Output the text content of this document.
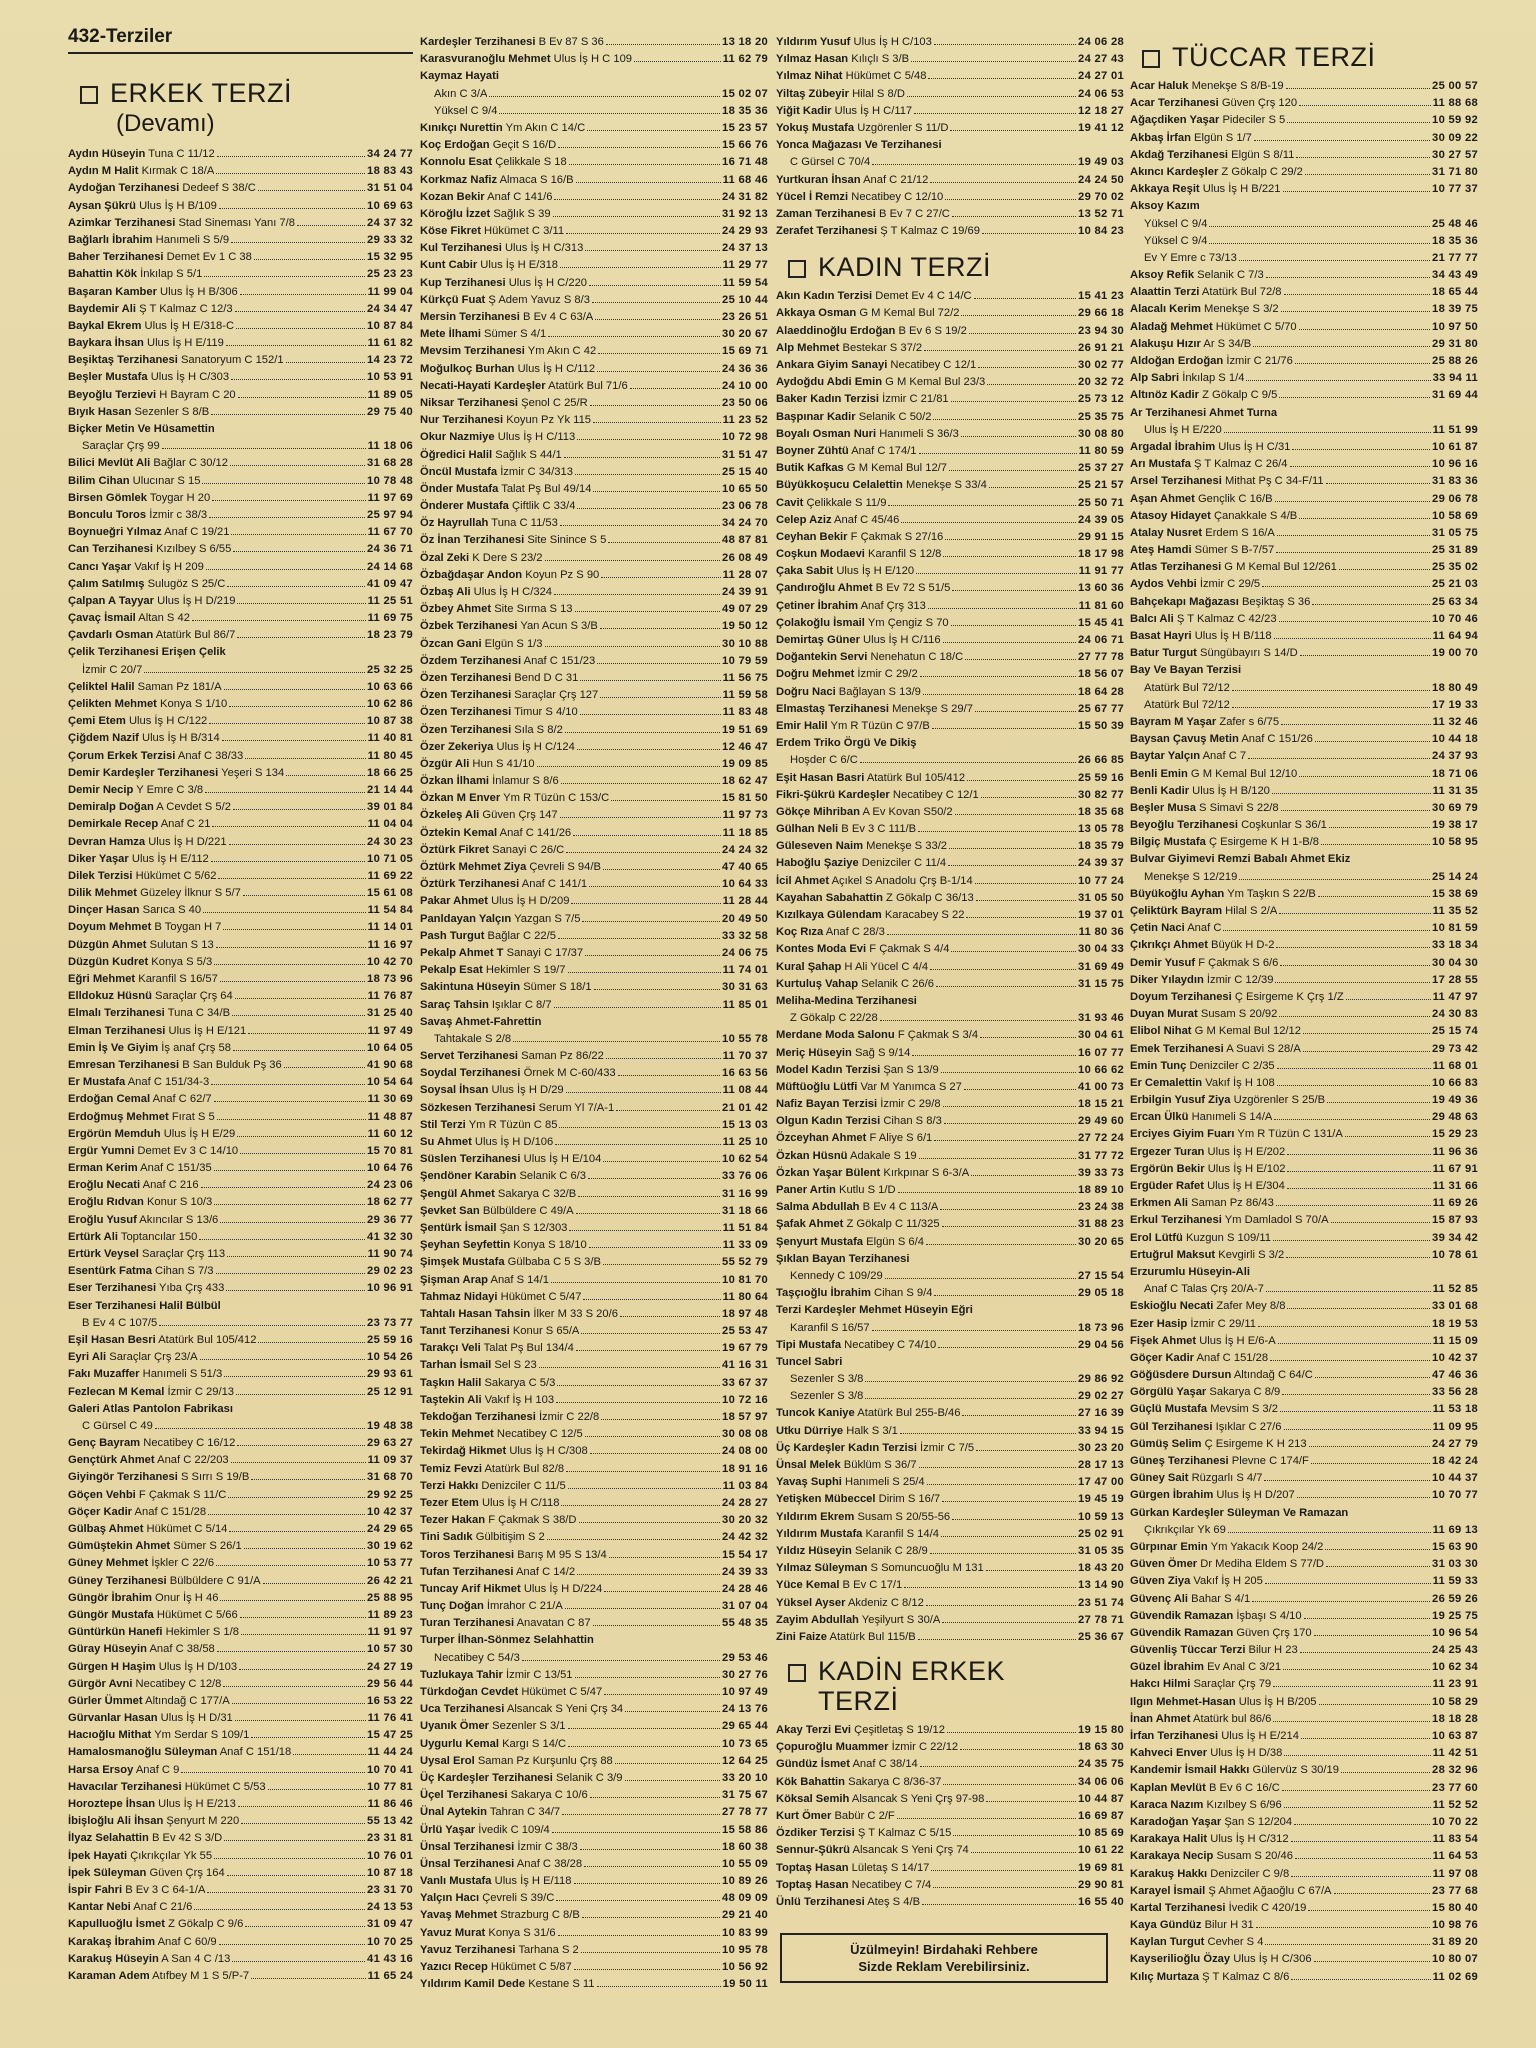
432-Terziler
ERKEK TERZİ
(Devamı)
Aydın Hüseyin Tuna C 11/12	34 24 77
Aydın M Halit Kırmak C 18/A	18 83 43
Aydoğan Terzihanesi Dedeef S 38/C	31 51 04
Aysan Şükrü Ulus İş H B/109	10 69 63
Azimkar Terzihanesi Stad Sineması Yanı 7/8	24 37 32
Bağlarlı İbrahim Hanımeli S 5/9	29 33 32
Baher Terzihanesi Demet Ev 1 C 38	15 32 95
Bahattin Kök İnkılap S 5/1	25 23 23
Başaran Kamber Ulus İş H B/306	11 99 04
Baydemir Ali Ş T Kalmaz C 12/3	24 34 47
Baykal Ekrem Ulus İş H E/318-C	10 87 84
Baykara İhsan Ulus İş H E/119	11 61 82
Beşiktaş Terzihanesi Sanatoryum C 152/1	14 23 72
Beşler Mustafa Ulus İş H C/303	10 53 91
Beyoğlu Terzievi H Bayram C 20	11 89 05
Bıyık Hasan Sezenler S 8/B	29 75 40
Biçker Metin Ve Hüsamettin
Saraçlar Çrş 99	11 18 06
Bilici Mevlüt Ali Bağlar C 30/12	31 68 28
Bilim Cihan Ulucınar S 15	10 78 48
Birsen Gömlek Toygar H 20	11 97 69
Bonculu Toros İzmir c 38/3	25 97 94
Boynueğri Yılmaz Anaf C 19/21	11 67 70
Can Terzihanesi Kızılbey S 6/55	24 36 71
Cancı Yaşar Vakıf İş H 209	24 14 68
Çalım Satılmış Sulugöz S 25/C	41 09 47
Çalpan A Tayyar Ulus İş H D/219	11 25 51
Çavaç İsmail Altan S 42	11 69 75
Çavdarlı Osman Atatürk Bul 86/7	18 23 79
Çelik Terzihanesi Erişen Çelik
İzmir C 20/7	25 32 25
Çeliktel Halil Saman Pz 181/A	10 63 66
Çelikten Mehmet Konya S 1/10	10 62 86
Çemi Etem Ulus İş H C/122	10 87 38
Çiğdem Nazif Ulus İş H B/314	11 40 81
Çorum Erkek Terzisi Anaf C 38/33	11 80 45
Demir Kardeşler Terzihanesi Yeşeri S 134	18 66 25
Demir Necip Y Emre C 3/8	21 14 44
Demiralp Doğan A Cevdet S 5/2	39 01 84
Demirkale Recep Anaf C 21	11 04 04
Devran Hamza Ulus İş H D/221	24 30 23
Diker Yaşar Ulus İş H E/112	10 71 05
Dilek Terzisi Hükümet C 5/62	11 69 22
Dilik Mehmet Güzeley İlknur S 5/7	15 61 08
Dinçer Hasan Sarıca S 40	11 54 84
Doyum Mehmet B Toygan H 7	11 14 01
Düzgün Ahmet Sulutan S 13	11 16 97
Düzgün Kudret Konya S 5/3	10 42 70
Eğri Mehmet Karanfil S 16/57	18 73 96
Elldokuz Hüsnü Saraçlar Çrş 64	11 76 87
Elmalı Terzihanesi Tuna C 34/B	31 25 40
Elman Terzihanesi Ulus İş H E/121	11 97 49
Emin İş Ve Giyim İş anaf Çrş 58	10 64 05
Emresan Terzihanesi B San Bulduk Pş 36	41 90 68
Er Mustafa Anaf C 151/34-3	10 54 64
Erdoğan Cemal Anaf C 62/7	11 30 69
Erdoğmuş Mehmet Fırat S 5	11 48 87
Ergörün Memduh Ulus İş H E/29	11 60 12
Ergür Yumni Demet Ev 3 C 14/10	15 70 81
Erman Kerim Anaf C 151/35	10 64 76
Eroğlu Necati Anaf C 216	24 23 06
Eroğlu Rıdvan Konur S 10/3	18 62 77
Eroğlu Yusuf Akıncılar S 13/6	29 36 77
Ertürk Ali Toptancılar 150	41 32 30
Ertürk Veysel Saraçlar Çrş 113	11 90 74
Esentürk Fatma Cihan S 7/3	29 02 23
Eser Terzihanesi Yıba Çrş 433	10 96 91
Eser Terzihanesi Halil Bülbül
B Ev 4 C 107/5	23 73 77
Eşil Hasan Besri Atatürk Bul 105/412	25 59 16
Eyri Ali Saraçlar Çrş 23/A	10 54 26
Fakı Muzaffer Hanımeli S 51/3	29 93 61
Fezlecan M Kemal İzmir C 29/13	25 12 91
Galeri Atlas Pantolon Fabrikası
C Gürsel C 49	19 48 38
Genç Bayram Necatibey C 16/12	29 63 27
Gençtürk Ahmet Anaf C 22/203	11 09 37
Giyingör Terzihanesi S Sırrı S 19/B	31 68 70
Göçen Vehbi F Çakmak S 11/C	29 92 25
Göçer Kadir Anaf C 151/28	10 42 37
Gülbaş Ahmet Hükümet C 5/14	24 29 65
Gümüştekin Ahmet Sümer S 26/1	30 19 62
Güney Mehmet İşkler C 22/6	10 53 77
Güney Terzihanesi Bülbüldere C 91/A	26 42 21
Güngör İbrahim Onur İş H 46	25 88 95
Güngör Mustafa Hükümet C 5/66	11 89 23
Güntürkün Hanefi Hekimler S 1/8	11 91 97
Güray Hüseyin Anaf C 38/58	10 57 30
Gürgen H Haşim Ulus İş H D/103	24 27 19
Gürgör Avni Necatibey C 12/8	29 56 44
Gürler Ümmet Altındağ C 177/A	16 53 22
Gürvanlar Hasan Ulus İş H D/31	11 76 41
Hacıoğlu Mithat Ym Serdar S 109/1	15 47 25
Hamalosmanoğlu Süleyman Anaf C 151/18	11 44 24
Harsa Ersoy Anaf C 9	10 70 41
Havacılar Terzihanesi Hükümet C 5/53	10 77 81
Horoztepe İhsan Ulus İş H E/213	11 86 46
İbişloğlu Ali İhsan Şenyurt M 220	55 13 42
İlyaz Selahattin B Ev 42 S 3/D	23 31 81
İpek Hayati Çıkrıkçılar Yk 55	10 76 01
İpek Süleyman Güven Çrş 164	10 87 18
İspir Fahri B Ev 3 C 64-1/A	23 31 70
Kantar Nebi Anaf C 21/6	24 13 53
Kapulluoğlu İsmet Z Gökalp C 9/6	31 09 47
Karakaş İbrahim Anaf C 60/9	10 70 25
Karakuş Hüseyin A San 4 C /13	41 43 16
Karaman Adem Atıfbey M 1 S 5/P-7	11 65 24
Kardeşler Terzihanesi B Ev 87 S 36	13 18 20
Karasvuranoğlu Mehmet Ulus İş H C 109	11 62 79
Kaymaz Hayati
Akın C 3/A	15 02 07
Yüksel C 9/4	18 35 36
Kınıkçı Nurettin Ym Akın C 14/C	15 23 57
Koç Erdoğan Geçit S 16/D	15 66 76
Konnolu Esat Çelikkale S 18	16 71 48
Korkmaz Nafiz Almaca S 16/B	11 68 46
Kozan Bekir Anaf C 141/6	24 31 82
Köroğlu İzzet Sağlık S 39	31 92 13
Köse Fikret Hükümet C 3/11	24 29 93
Kul Terzihanesi Ulus İş H C/313	24 37 13
Kunt Cabir Ulus İş H E/318	11 29 77
Kup Terzihanesi Ulus İş H C/220	11 59 54
Kürkçü Fuat Ş Adem Yavuz S 8/3	25 10 44
Mersin Terzihanesi B Ev 4 C 63/A	23 26 51
Mete İlhami Sümer S 4/1	30 20 67
Mevsim Terzihanesi Ym Akın C 42	15 69 71
Moğulkoç Burhan Ulus İş H C/112	24 36 36
Necati-Hayati Kardeşler Atatürk Bul 71/6	24 10 00
Niksar Terzihanesi Şenol C 25/R	23 50 06
Nur Terzihanesi Koyun Pz Yk 115	11 23 52
Okur Nazmiye Ulus İş H C/113	10 72 98
Öğredici Halil Sağlık S 44/1	31 51 47
Öncül Mustafa İzmir C 34/313	25 15 40
Önder Mustafa Talat Pş Bul 49/14	10 65 50
Önderer Mustafa Çiftlik C 33/4	23 06 78
Öz Hayrullah Tuna C 11/53	34 24 70
Öz İnan Terzihanesi Site Sinince S 5	48 87 81
Özal Zeki K Dere S 23/2	26 08 49
Özbağdaşar Andon Koyun Pz S 90	11 28 07
Özbaş Ali Ulus İş H C/324	24 39 91
Özbey Ahmet Site Sırma S 13	49 07 29
Özbek Terzihanesi Yan Acun S 3/B	19 50 12
Özcan Gani Elgün S 1/3	30 10 88
Özdem Terzihanesi Anaf C 151/23	10 79 59
Özen Terzihanesi Bend D C 31	11 56 75
Özen Terzihanesi Saraçlar Çrş 127	11 59 58
Özen Terzihanesi Timur S 4/10	11 83 48
Özen Terzihanesi Sıla S 8/2	19 51 69
Özer Zekeriya Ulus İş H C/124	12 46 47
Özgür Ali Hun S 41/10	19 09 85
Özkan İlhami İnlamur S 8/6	18 62 47
Özkan M Enver Ym R Tüzün C 153/C	15 81 50
Özkeleş Ali Güven Çrş 147	11 97 73
Öztekin Kemal Anaf C 141/26	11 18 85
Öztürk Fikret Sanayi C 26/C	24 24 32
Öztürk Mehmet Ziya Çevreli S 94/B	47 40 65
Öztürk Terzihanesi Anaf C 141/1	10 64 33
Pakar Ahmet Ulus İş H D/209	11 28 44
Panldayan Yalçın Yazgan S 7/5	20 49 50
Pash Turgut Bağlar C 22/5	33 32 58
Pekalp Ahmet T Sanayi C 17/37	24 06 75
Pekalp Esat Hekimler S 19/7	11 74 01
Sakintuna Hüseyin Sümer S 18/1	30 31 63
Saraç Tahsin Işıklar C 8/7	11 85 01
Savaş Ahmet-Fahrettin
Tahtakale S 2/8	10 55 78
Servet Terzihanesi Saman Pz 86/22	11 70 37
Soydal Terzihanesi Örnek M C-60/433	16 63 56
Soysal İhsan Ulus İş H D/29	11 08 44
Sözkesen Terzihanesi Serum Yl 7/A-1	21 01 42
Stil Terzi Ym R Tüzün C 85	15 13 03
Su Ahmet Ulus İş H D/106	11 25 10
Süslen Terzihanesi Ulus İş H E/104	10 62 54
Şendöner Karabin Selanik C 6/3	33 76 06
Şengül Ahmet Sakarya C 32/B	31 16 99
Şevket San Bülbüldere C 49/A	31 18 66
Şentürk İsmail Şan S 12/303	11 51 84
Şeyhan Seyfettin Konya S 18/10	11 33 09
Şimşek Mustafa Gülbaba C 5 S 3/B	55 52 79
Şişman Arap Anaf S 14/1	10 81 70
Tahmaz Nidayi Hükümet C 5/47	11 80 64
Tahtalı Hasan Tahsin İlker M 33 S 20/6	18 97 48
Tanıt Terzihanesi Konur S 65/A	25 53 47
Tarakçı Veli Talat Pş Bul 134/4	19 67 79
Tarhan İsmail Sel S 23	41 16 31
Taşkın Halil Sakarya C 5/3	33 67 37
Taştekin Ali Vakıf İş H 103	10 72 16
Tekdoğan Terzihanesi İzmir C 22/8	18 57 97
Tekin Mehmet Necatibey C 12/5	30 08 08
Tekirdağ Hikmet Ulus İş H C/308	24 08 00
Temiz Fevzi Atatürk Bul 82/8	18 91 16
Terzi Hakkı Denizciler C 11/5	11 03 84
Tezer Etem Ulus İş H C/118	24 28 27
Tezer Hakan F Çakmak S 38/D	30 20 32
Tini Sadık Gülbitişim S 2	24 42 32
Toros Terzihanesi Barış M 95 S 13/4	15 54 17
Tufan Terzihanesi Anaf C 14/2	24 39 33
Tuncay Arif Hikmet Ulus İş H D/224	24 28 46
Tunç Doğan İmrahor C 21/A	31 07 04
Turan Terzihanesi Anavatan C 87	55 48 35
Turper İlhan-Sönmez Selahhattin
Necatibey C 54/3	29 53 46
Tuzlukaya Tahir İzmir C 13/51	30 27 76
Türkdoğan Cevdet Hükümet C 5/47	10 97 49
Uca Terzihanesi Alsancak S Yeni Çrş 34	24 13 76
Uyanık Ömer Sezenler S 3/1	29 65 44
Uygurlu Kemal Kargı S 14/C	10 73 65
Uysal Erol Saman Pz Kurşunlu Çrş 88	12 64 25
Üç Kardeşler Terzihanesi Selanik C 3/9	33 20 10
Üçel Terzihanesi Sakarya C 10/6	31 75 67
Ünal Aytekin Tahran C 34/7	27 78 77
Ürlü Yaşar İvedik C 109/4	15 58 86
Ünsal Terzihanesi İzmir C 38/3	18 60 38
Ünsal Terzihanesi Anaf C 38/28	10 55 09
Vanlı Mustafa Ulus İş H E/118	10 89 26
Yalçın Hacı Çevreli S 39/C	48 09 09
Yavaş Mehmet Strazburg C 8/B	29 21 40
Yavuz Murat Konya S 31/6	10 83 99
Yavuz Terzihanesi Tarhana S 2	10 95 78
Yazıcı Recep Hükümet C 5/87	10 56 92
Yıldırım Kamil Dede Kestane S 11	19 50 11
Yıldırım Yusuf Ulus İş H C/103	24 06 28
Yılmaz Hasan Kılıçlı S 3/B	24 27 43
Yılmaz Nihat Hükümet C 5/48	24 27 01
Yiltaş Zübeyir Hilal S 8/D	24 06 53
Yiğit Kadir Ulus İş H C/117	12 18 27
Yokuş Mustafa Uzgörenler S 11/D	19 41 12
Yonca Mağazası Ve Terzihanesi
C Gürsel C 70/4	19 49 03
Yurtkuran İhsan Anaf C 21/12	24 24 50
Yücel İ Remzi Necatibey C 12/10	29 70 02
Zaman Terzihanesi B Ev 7 C 27/C	13 52 71
Zerafet Terzihanesi Ş T Kalmaz C 19/69	10 84 23
KADIN TERZİ
Akın Kadın Terzisi Demet Ev 4 C 14/C	15 41 23
Akkaya Osman G M Kemal Bul 72/2	29 66 18
Alaeddinoğlu Erdoğan B Ev 6 S 19/2	23 94 30
Alp Mehmet Bestekar S 37/2	26 91 21
Ankara Giyim Sanayi Necatibey C 12/1	30 02 77
Aydoğdu Abdi Emin G M Kemal Bul 23/3	20 32 72
Baker Kadın Terzisi İzmir C 21/81	25 73 12
Başpınar Kadir Selanik C 50/2	25 35 75
Boyalı Osman Nuri Hanımeli S 36/3	30 08 80
Boyner Zühtü Anaf C 174/1	11 80 59
Butik Kafkas G M Kemal Bul 12/7	25 37 27
Büyükkoşucu Celalettin Menekşe S 33/4	25 21 57
Cavit Çelikkale S 11/9	25 50 71
Celep Aziz Anaf C 45/46	24 39 05
Ceyhan Bekir F Çakmak S 27/16	29 91 15
Coşkun Modaevi Karanfil S 12/8	18 17 98
Çaka Sabit Ulus İş H E/120	11 91 77
Çandıroğlu Ahmet B Ev 72 S 51/5	13 60 36
Çetiner İbrahim Anaf Çrş 313	11 81 60
Çolakoğlu İsmail Ym Çengiz S 70	15 45 41
Demirtaş Güner Ulus İş H C/116	24 06 71
Doğantekin Servi Nenehatun C 18/C	27 77 78
Doğru Mehmet İzmir C 29/2	18 56 07
Doğru Naci Bağlayan S 13/9	18 64 28
Elmastaş Terzihanesi Menekşe S 29/7	25 67 77
Emir Halil Ym R Tüzün C 97/B	15 50 39
Erdem Triko Örgü Ve Dikiş
Hoşder C 6/C	26 66 85
Eşit Hasan Basri Atatürk Bul 105/412	25 59 16
Fikri-Şükrü Kardeşler Necatibey C 12/1	30 82 77
Gökçe Mihriban A Ev Kovan S50/2	18 35 68
Gülhan Neli B Ev 3 C 111/B	13 05 78
Güleseven Naim Menekşe S 33/2	18 35 79
Haboğlu Şaziye Denizciler C 11/4	24 39 37
İcil Ahmet Açıkel S Anadolu Çrş B-1/14	10 77 24
Kayahan Sabahattin Z Gökalp C 36/13	31 05 50
Kızılkaya Gülendam Karacabey S 22	19 37 01
Koç Rıza Anaf C 28/3	11 80 36
Kontes Moda Evi F Çakmak S 4/4	30 04 33
Kural Şahap H Ali Yücel C 4/4	31 69 49
Kurtuluş Vahap Selanik C 26/6	31 15 75
Meliha-Medina Terzihanesi
Z Gökalp C 22/28	31 93 46
Merdane Moda Salonu F Çakmak S 3/4	30 04 61
Meriç Hüseyin Sağ S 9/14	16 07 77
Model Kadın Terzisi Şan S 13/9	10 66 62
Müftüoğlu Lütfi Var M Yanımca S 27	41 00 73
Nafiz Bayan Terzisi İzmir C 29/8	18 15 21
Olgun Kadın Terzisi Cihan S 8/3	29 49 60
Özceyhan Ahmet F Aliye S 6/1	27 72 24
Özkan Hüsnü Adakale S 19	31 77 72
Özkan Yaşar Bülent Kırkpınar S 6-3/A	39 33 73
Paner Artin Kutlu S 1/D	18 89 10
Salma Abdullah B Ev 4 C 113/A	23 24 38
Şafak Ahmet Z Gökalp C 11/325	31 88 23
Şenyurt Mustafa Elgün S 6/4	30 20 65
Şıklan Bayan Terzihanesi
Kennedy C 109/29	27 15 54
Taşçıoğlu İbrahim Cihan S 9/4	29 05 18
Terzi Kardeşler Mehmet Hüseyin Eğri
Karanfil S 16/57	18 73 96
Tipi Mustafa Necatibey C 74/10	29 04 56
Tuncel Sabri
Sezenler S 3/8	29 86 92
Sezenler S 3/8	29 02 27
Tuncok Kaniye Atatürk Bul 255-B/46	27 16 39
Utku Dürriye Halk S 3/1	33 94 15
Üç Kardeşler Kadın Terzisi İzmir C 7/5	30 23 20
Ünsal Melek Büklüm S 36/7	28 17 13
Yavaş Suphi Hanımeli S 25/4	17 47 00
Yetişken Mübeccel Dirim S 16/7	19 45 19
Yıldırım Ekrem Susam S 20/55-56	10 59 13
Yıldırım Mustafa Karanfil S 14/4	25 02 91
Yıldız Hüseyin Selanik C 28/9	31 05 35
Yılmaz Süleyman S Somuncuoğlu M 131	18 43 20
Yüce Kemal B Ev C 17/1	13 14 90
Yüksel Ayser Akdeniz C 8/12	23 51 74
Zayim Abdullah Yeşilyurt S 30/A	27 78 71
Zini Faize Atatürk Bul 115/B	25 36 67
KADİN ERKEK
TERZİ
Akay Terzi Evi Çeşitletaş S 19/12	19 15 80
Çopuroğlu Muammer İzmir C 22/12	18 63 30
Gündüz İsmet Anaf C 38/14	24 35 75
Kök Bahattin Sakarya C 8/36-37	34 06 06
Köksal Semih Alsancak S Yeni Çrş 97-98	10 44 87
Kurt Ömer Babür C 2/F	16 69 87
Özdiker Terzisi Ş T Kalmaz C 5/15	10 85 69
Sennur-Şükrü Alsancak S Yeni Çrş 74	10 61 22
Toptaş Hasan Lületaş S 14/17	19 69 81
Toptaş Hasan Necatibey C 7/4	29 90 81
Ünlü Terzihanesi Ateş S 4/B	16 55 40
Üzülmeyin! Birdahaki Rehbere
Sizde Reklam Verebilirsiniz.
TÜCCAR TERZİ
Acar Haluk Menekşe S 8/B-19	25 00 57
Acar Terzihanesi Güven Çrş 120	11 88 68
Ağaçdiken Yaşar Pideciler S 5	10 59 92
Akbaş İrfan Elgün S 1/7	30 09 22
Akdağ Terzihanesi Elgün S 8/11	30 27 57
Akıncı Kardeşler Z Gökalp C 29/2	31 71 80
Akkaya Reşit Ulus İş H B/221	10 77 37
Aksoy Kazım
Yüksel C 9/4	25 48 46
Yüksel C 9/4	18 35 36
Ev Y Emre c 73/13	21 77 77
Aksoy Refik Selanik C 7/3	34 43 49
Alaattin Terzi Atatürk Bul 72/8	18 65 44
Alacalı Kerim Menekşe S 3/2	18 39 75
Aladağ Mehmet Hükümet C 5/70	10 97 50
Alakuşu Hızır Ar S 34/B	29 31 80
Aldoğan Erdoğan İzmir C 21/76	25 88 26
Alp Sabri İnkılap S 1/4	33 94 11
Altınöz Kadir Z Gökalp C 9/5	31 69 44
Ar Terzihanesi Ahmet Turna
Ulus İş H E/220	11 51 99
Argadal İbrahim Ulus İş H C/31	10 61 87
Arı Mustafa Ş T Kalmaz C 26/4	10 96 16
Arsel Terzihanesi Mithat Pş C 34-F/11	31 83 36
Aşan Ahmet Gençlik C 16/B	29 06 78
Atasoy Hidayet Çanakkale S 4/B	10 58 69
Atalay Nusret Erdem S 16/A	31 05 75
Ateş Hamdi Sümer S B-7/57	25 31 89
Atlas Terzihanesi G M Kemal Bul 12/261	25 35 02
Aydos Vehbi İzmir C 29/5	25 21 03
Bahçekapı Mağazası Beşiktaş S 36	25 63 34
Balcı Ali Ş T Kalmaz C 42/23	10 70 46
Basat Hayri Ulus İş H B/118	11 64 94
Batur Turgut Süngübayırı S 14/D	19 00 70
Bay Ve Bayan Terzisi
Atatürk Bul 72/12	18 80 49
Atatürk Bul 72/12	17 19 33
Bayram M Yaşar Zafer s 6/75	11 32 46
Baysan Çavuş Metin Anaf C 151/26	10 44 18
Baytar Yalçın Anaf C 7	24 37 93
Benli Emin G M Kemal Bul 12/10	18 71 06
Benli Kadir Ulus İş H B/120	11 31 35
Beşler Musa S Simavi S 22/8	30 69 79
Beyoğlu Terzihanesi Coşkunlar S 36/1	19 38 17
Bilgiç Mustafa Ç Esirgeme K H 1-B/8	10 58 95
Bulvar Giyimevi Remzi Babalı Ahmet Ekiz
Menekşe S 12/219	25 14 24
Büyükoğlu Ayhan Ym Taşkın S 22/B	15 38 69
Çeliktürk Bayram Hilal S 2/A	11 35 52
Çetin Naci Anaf C	10 81 59
Çıkrıkçı Ahmet Büyük H D-2	33 18 34
Demir Yusuf F Çakmak S 6/6	30 04 30
Diker Yılaydın İzmir C 12/39	17 28 55
Doyum Terzihanesi Ç Esirgeme K Çrş 1/Z	11 47 97
Duyan Murat Susam S 20/92	24 30 83
Elibol Nihat G M Kemal Bul 12/12	25 15 74
Emek Terzihanesi A Suavi S 28/A	29 73 42
Emin Tunç Denizciler C 2/35	11 68 01
Er Cemalettin Vakıf İş H 108	10 66 83
Erbilgin Yusuf Ziya Uzgörenler S 25/B	19 49 36
Ercan Ülkü Hanımeli S 14/A	29 48 63
Erciyes Giyim Fuarı Ym R Tüzün C 131/A	15 29 23
Ergezer Turan Ulus İş H E/202	11 96 36
Ergörün Bekir Ulus İş H E/102	11 67 91
Ergüder Rafet Ulus İş H E/304	11 31 66
Erkmen Ali Saman Pz 86/43	11 69 26
Erkul Terzihanesi Ym Damladol S 70/A	15 87 93
Erol Lütfü Kuzgun S 109/11	39 34 42
Ertuğrul Maksut Kevgirli S 3/2	10 78 61
Erzurumlu Hüseyin-Ali
Anaf C Talas Çrş 20/A-7	11 52 85
Eskioğlu Necati Zafer Mey 8/8	33 01 68
Ezer Hasip İzmir C 29/11	18 19 53
Fişek Ahmet Ulus İş H E/6-A	11 15 09
Göçer Kadir Anaf C 151/28	10 42 37
Göğüsdere Dursun Altındağ C 64/C	47 46 36
Görgülü Yaşar Sakarya C 8/9	33 56 28
Güçlü Mustafa Mevsim S 3/2	11 53 18
Gül Terzihanesi Işıklar C 27/6	11 09 95
Gümüş Selim Ç Esirgeme K H 213	24 27 79
Güneş Terzihanesi Plevne C 174/F	18 42 24
Güney Sait Rüzgarlı S 4/7	10 44 37
Gürgen İbrahim Ulus İş H D/207	10 70 77
Gürkan Kardeşler Süleyman Ve Ramazan
Çıkrıkçılar Yk 69	11 69 13
Gürpınar Emin Ym Yakacık Koop 24/2	15 63 90
Güven Ömer Dr Mediha Eldem S 77/D	31 03 30
Güven Ziya Vakıf İş H 205	11 59 33
Güvenç Ali Bahar S 4/1	26 59 26
Güvendik Ramazan İşbaşı S 4/10	19 25 75
Güvendik Ramazan Güven Çrş 170	10 96 54
Güvenliş Tüccar Terzi Bilur H 23	24 25 43
Güzel İbrahim Ev Anal C 3/21	10 62 34
Hakcı Hilmi Saraçlar Çrş 79	11 23 91
Ilgın Mehmet-Hasan Ulus İş H B/205	10 58 29
İnan Ahmet Atatürk bul 86/6	18 18 28
İrfan Terzihanesi Ulus İş H E/214	10 63 87
Kahveci Enver Ulus İş H D/38	11 42 51
Kandemir İsmail Hakkı Gülervüz S 30/19	28 32 96
Kaplan Mevlüt B Ev 6 C 16/C	23 77 60
Karaca Nazım Kızılbey S 6/96	11 52 52
Karadoğan Yaşar Şan S 12/204	10 70 22
Karakaya Halit Ulus İş H C/312	11 83 54
Karakaya Necip Susam S 20/46	11 64 53
Karakuş Hakkı Denizciler C 9/8	11 97 08
Karayel İsmail Ş Ahmet Ağaoğlu C 67/A	23 77 68
Kartal Terzihanesi İvedik C 420/19	15 80 40
Kaya Gündüz Bilur H 31	10 98 76
Kaylan Turgut Cevher S 4	31 89 20
Kayserilioğlu Özay Ulus İş H C/306	10 80 07
Kılıç Murtaza Ş T Kalmaz C 8/6	11 02 69
